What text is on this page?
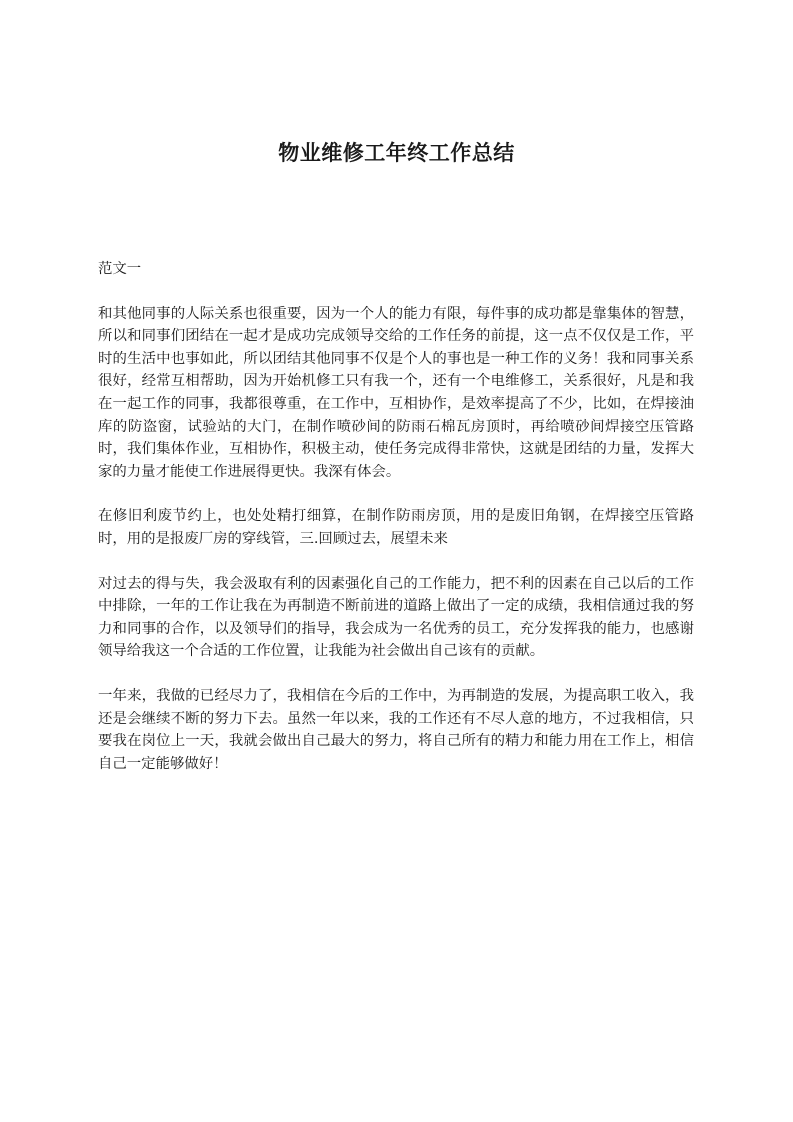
物业维修工年终工作总结

范文一

和其他同事的人际关系也很重要，因为一个人的能力有限，每件事的成功都是靠集体的智慧，所以和同事们团结在一起才是成功完成领导交给的工作任务的前提，这一点不仅仅是工作，平时的生活中也事如此，所以团结其他同事不仅是个人的事也是一种工作的义务！我和同事关系很好，经常互相帮助，因为开始机修工只有我一个，还有一个电维修工，关系很好，凡是和我在一起工作的同事，我都很尊重，在工作中，互相协作，是效率提高了不少，比如，在焊接油库的防盗窗，试验站的大门，在制作喷砂间的防雨石棉瓦房顶时，再给喷砂间焊接空压管路时，我们集体作业，互相协作，积极主动，使任务完成得非常快，这就是团结的力量，发挥大家的力量才能使工作进展得更快。我深有体会。

在修旧利废节约上，也处处精打细算，在制作防雨房顶，用的是废旧角钢，在焊接空压管路时，用的是报废厂房的穿线管，三.回顾过去，展望未来

对过去的得与失，我会汲取有利的因素强化自己的工作能力，把不利的因素在自己以后的工作中排除，一年的工作让我在为再制造不断前进的道路上做出了一定的成绩，我相信通过我的努力和同事的合作，以及领导们的指导，我会成为一名优秀的员工，充分发挥我的能力，也感谢领导给我这一个合适的工作位置，让我能为社会做出自己该有的贡献。

一年来，我做的已经尽力了，我相信在今后的工作中，为再制造的发展，为提高职工收入，我还是会继续不断的努力下去。虽然一年以来，我的工作还有不尽人意的地方，不过我相信，只要我在岗位上一天，我就会做出自己最大的努力，将自己所有的精力和能力用在工作上，相信自己一定能够做好！
